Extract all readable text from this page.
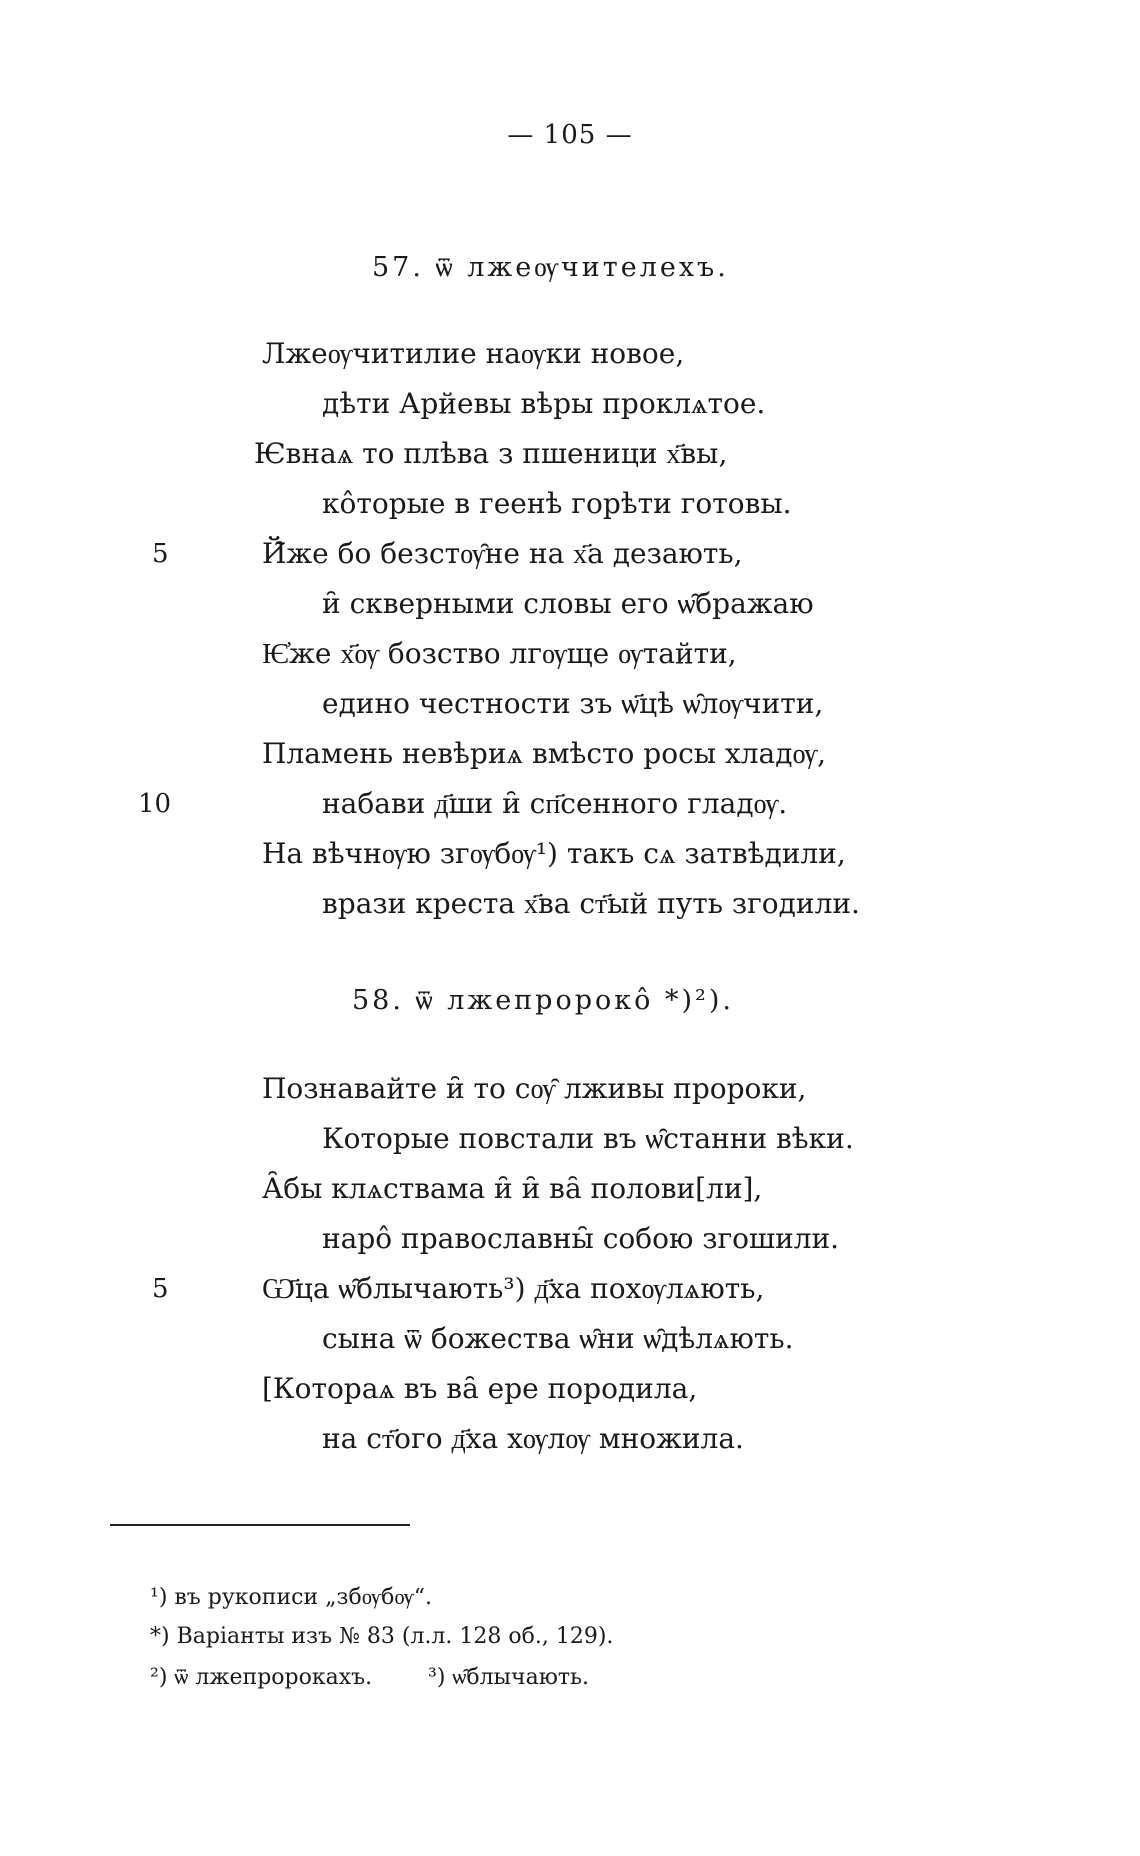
— 105 —
57. ѿ лжеѹчителехъ.
Лжеѹчитилие наѹки новое,
дѣти Арйевы вѣры проклѧтое.
Ѥвнаѧ то плѣва з пшеници х҃вы,
ко̂торые в геенѣ горѣти готовы.
5	Й̑же бо безстѹ̑не на х҃а дезають,
и̑ скверными словы его ѡ̑бражаю
Ѥ҆же х҃ѹ бозство лгѹще ѹтайти,
едино честности зъ ѡ҃цѣ ѡ̑лѹчити,
Пламень невѣриѧ вмѣсто росы хладѹ,
10	набави д҃ши и̑ сп҃сенного гладѹ.
На вѣчнѹю згѹбѹ¹) такъ сѧ затвѣдили,
врази креста х҃ва ст҃ый путь згодили.
58. ѿ лжепророко̂ *)²).
Познавайте и̑ то сѹ̑ лживы пророки,
Которые повстали въ ѡ̑станни вѣки.
А̑бы клѧствама и̑ и̑ ва̑ полови[ли],
наро̂ православны̑ собою згошили.
5	Ѡ҃ца ѡ̑блычають³) д҃ха похѹлѧють,
сына ѿ божества ѡ̑ни ѡ̑дѣлѧють.
[Котораѧ въ ва̑ ере породила,
на ст҃ого д҃ха хѹлѹ множила.
¹) въ рукописи „збѹбѹ“.
*) Варіанты изъ № 83 (л.л. 128 об., 129).
²) ѿ лжепророкахъ.	³) ѡ̑блычають.
